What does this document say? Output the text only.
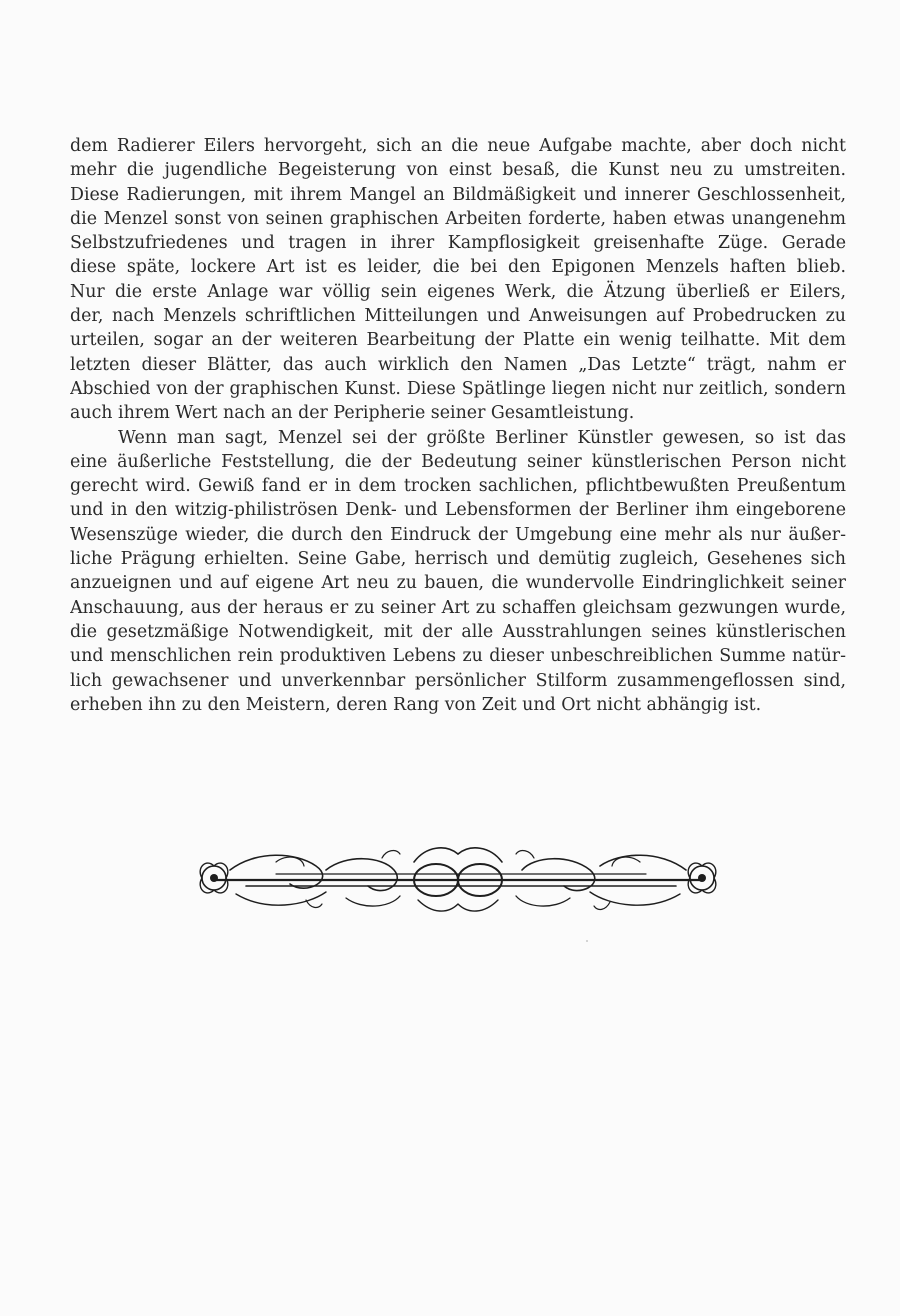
dem Radierer Eilers hervorgeht, sich an die neue Aufgabe machte, aber doch nicht
mehr die jugendliche Begeisterung von einst besaß, die Kunst neu zu umstreiten.
Diese Radierungen, mit ihrem Mangel an Bildmäßigkeit und innerer Geschlossenheit,
die Menzel sonst von seinen graphischen Arbeiten forderte, haben etwas unangenehm
Selbstzufriedenes und tragen in ihrer Kampflosigkeit greisenhafte Züge. Gerade
diese späte, lockere Art ist es leider, die bei den Epigonen Menzels haften blieb.
Nur die erste Anlage war völlig sein eigenes Werk, die Ätzung überließ er Eilers,
der, nach Menzels schriftlichen Mitteilungen und Anweisungen auf Probedrucken zu
urteilen, sogar an der weiteren Bearbeitung der Platte ein wenig teilhatte. Mit dem
letzten dieser Blätter, das auch wirklich den Namen „Das Letzte“ trägt, nahm er
Abschied von der graphischen Kunst. Diese Spätlinge liegen nicht nur zeitlich, sondern
auch ihrem Wert nach an der Peripherie seiner Gesamtleistung.
Wenn man sagt, Menzel sei der größte Berliner Künstler gewesen, so ist das
eine äußerliche Feststellung, die der Bedeutung seiner künstlerischen Person nicht
gerecht wird. Gewiß fand er in dem trocken sachlichen, pflichtbewußten Preußentum
und in den witzig-philiströsen Denk- und Lebensformen der Berliner ihm eingeborene
Wesenszüge wieder, die durch den Eindruck der Umgebung eine mehr als nur äußer-
liche Prägung erhielten. Seine Gabe, herrisch und demütig zugleich, Gesehenes sich
anzueignen und auf eigene Art neu zu bauen, die wundervolle Eindringlichkeit seiner
Anschauung, aus der heraus er zu seiner Art zu schaffen gleichsam gezwungen wurde,
die gesetzmäßige Notwendigkeit, mit der alle Ausstrahlungen seines künstlerischen
und menschlichen rein produktiven Lebens zu dieser unbeschreiblichen Summe natür-
lich gewachsener und unverkennbar persönlicher Stilform zusammengeflossen sind,
erheben ihn zu den Meistern, deren Rang von Zeit und Ort nicht abhängig ist.
